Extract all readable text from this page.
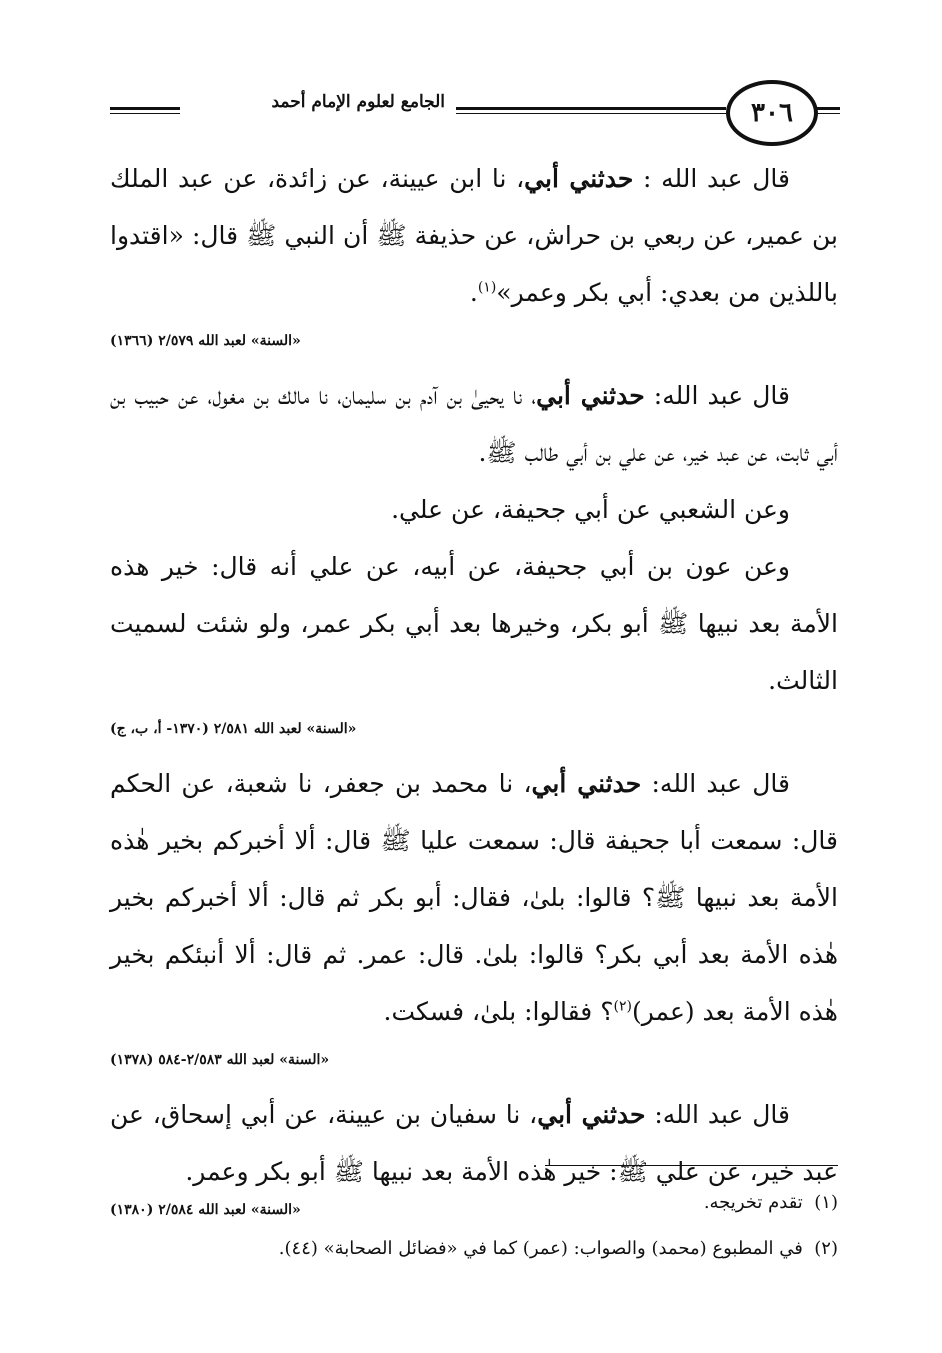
٣٠٦
الجامع لعلوم الإمام أحمد

قال عبد الله : حدثني أبي، نا ابن عيينة، عن زائدة، عن عبد الملك بن عمير، عن ربعي بن حراش، عن حذيفة ﷺ أن النبي ﷺ قال: «اقتدوا باللذين من بعدي: أبي بكر وعمر»$^{(١)}$.

«السنة» لعبد الله ٢/٥٧٩ (١٣٦٦)

قال عبد الله: حدثني أبي، نا يحيىٰ بن آدم بن سليمان، نا مالك بن مغول، عن حبيب بن أبي ثابت، عن عبد خير، عن علي بن أبي طالب ﷺ.

وعن الشعبي عن أبي جحيفة، عن علي.

وعن عون بن أبي جحيفة، عن أبيه، عن علي أنه قال: خير هذه الأمة بعد نبيها ﷺ أبو بكر، وخيرها بعد أبي بكر عمر، ولو شئت لسميت الثالث.

«السنة» لعبد الله ٢/٥٨١ (١٣٧٠- أ، ب، ج)

قال عبد الله: حدثني أبي، نا محمد بن جعفر، نا شعبة، عن الحكم قال: سمعت أبا جحيفة قال: سمعت عليا ﷺ قال: ألا أخبركم بخير هٰذه الأمة بعد نبيها ﷺ؟ قالوا: بلىٰ، فقال: أبو بكر ثم قال: ألا أخبركم بخير هٰذه الأمة بعد أبي بكر؟ قالوا: بلىٰ. قال: عمر. ثم قال: ألا أنبئكم بخير هٰذه الأمة بعد (عمر)$^{(٢)}$؟ فقالوا: بلىٰ، فسكت.

«السنة» لعبد الله ٢/٥٨٣-٥٨٤ (١٣٧٨)

قال عبد الله: حدثني أبي، نا سفيان بن عيينة، عن أبي إسحاق، عن عبد خير، عن علي ﷺ: خير هٰذه الأمة بعد نبيها ﷺ أبو بكر وعمر.

«السنة» لعبد الله ٢/٥٨٤ (١٣٨٠)	(١)  تقدم تخريجه.

(٢)  في المطبوع (محمد) والصواب: (عمر) كما في «فضائل الصحابة» (٤٤).
